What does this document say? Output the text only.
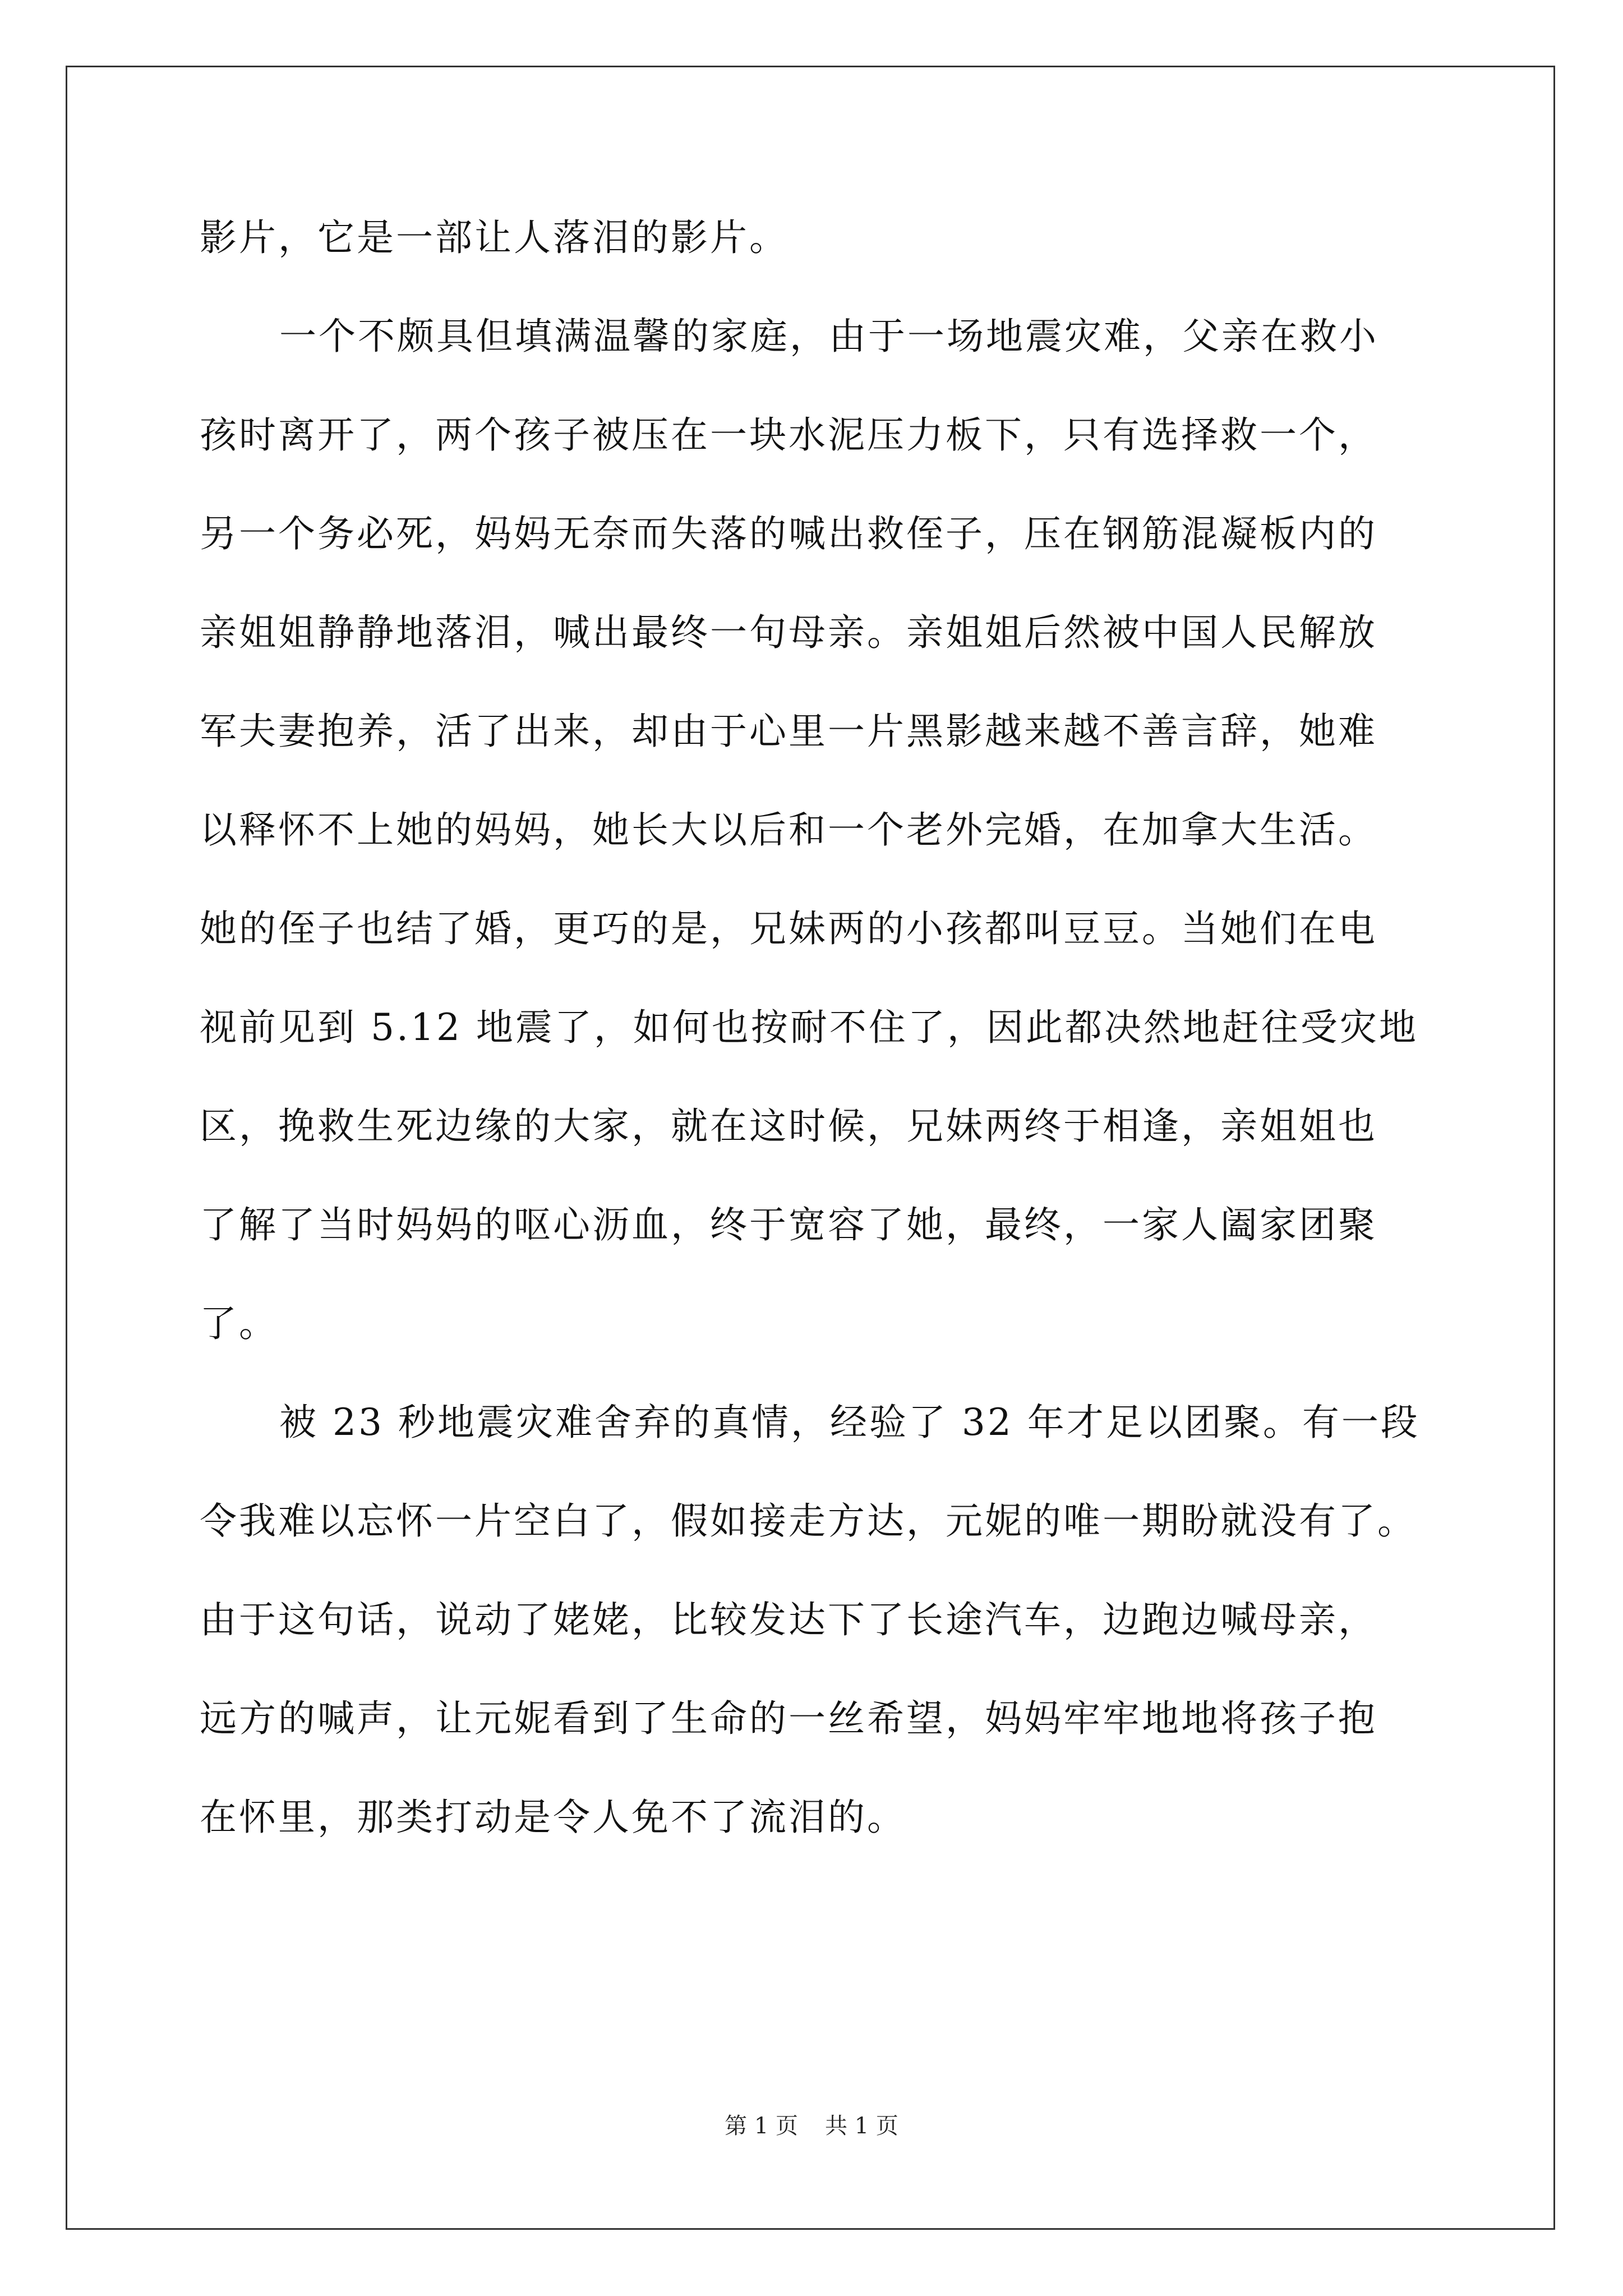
影片，它是一部让人落泪的影片。
一个不颇具但填满温馨的家庭，由于一场地震灾难，父亲在救小
孩时离开了，两个孩子被压在一块水泥压力板下，只有选择救一个，
另一个务必死，妈妈无奈而失落的喊出救侄子，压在钢筋混凝板内的
亲姐姐静静地落泪，喊出最终一句母亲。亲姐姐后然被中国人民解放
军夫妻抱养，活了出来，却由于心里一片黑影越来越不善言辞，她难
以释怀不上她的妈妈，她长大以后和一个老外完婚，在加拿大生活。
她的侄子也结了婚，更巧的是，兄妹两的小孩都叫豆豆。当她们在电
视前见到 5.12 地震了，如何也按耐不住了，因此都决然地赶往受灾地
区，挽救生死边缘的大家，就在这时候，兄妹两终于相逢，亲姐姐也
了解了当时妈妈的呕心沥血，终于宽容了她，最终，一家人阖家团聚
了。
被 23 秒地震灾难舍弃的真情，经验了 32 年才足以团聚。有一段
令我难以忘怀一片空白了，假如接走方达，元妮的唯一期盼就没有了。
由于这句话，说动了姥姥，比较发达下了长途汽车，边跑边喊母亲，
远方的喊声，让元妮看到了生命的一丝希望，妈妈牢牢地地将孩子抱
在怀里，那类打动是令人免不了流泪的。
第 1 页 共 1 页
